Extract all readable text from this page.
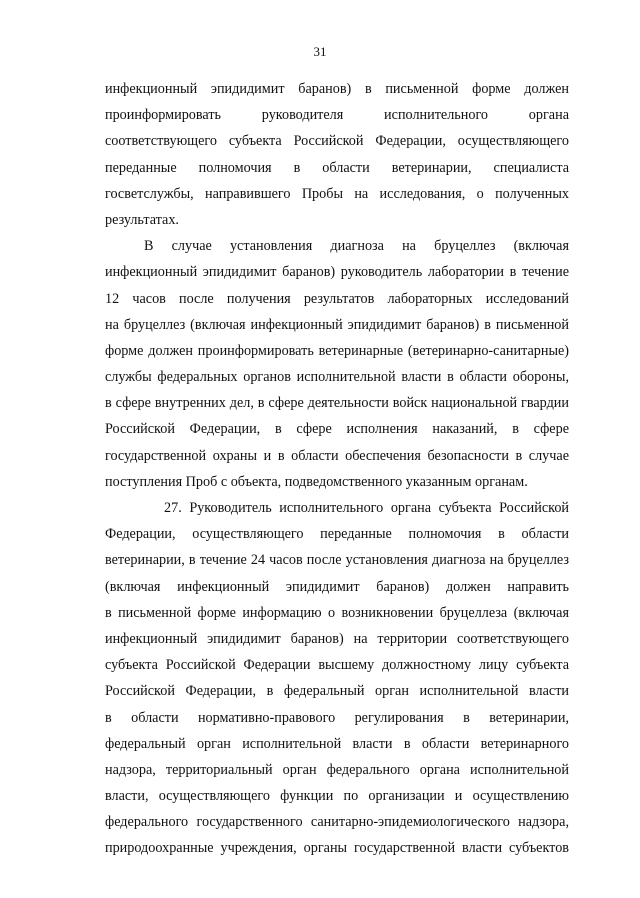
31
инфекционный эпидидимит баранов) в письменной форме должен
проинформировать руководителя исполнительного органа
соответствующего субъекта Российской Федерации, осуществляющего
переданные полномочия в области ветеринарии, специалиста
госветслужбы, направившего Пробы на исследования, о полученных
результатах.
В случае установления диагноза на бруцеллез (включая
инфекционный эпидидимит баранов) руководитель лаборатории в течение
12 часов после получения результатов лабораторных исследований
на бруцеллез (включая инфекционный эпидидимит баранов) в письменной
форме должен проинформировать ветеринарные (ветеринарно-санитарные)
службы федеральных органов исполнительной власти в области обороны,
в сфере внутренних дел, в сфере деятельности войск национальной гвардии
Российской Федерации, в сфере исполнения наказаний, в сфере
государственной охраны и в области обеспечения безопасности в случае
поступления Проб с объекта, подведомственного указанным органам.
27. Руководитель исполнительного органа субъекта Российской
Федерации, осуществляющего переданные полномочия в области
ветеринарии, в течение 24 часов после установления диагноза на бруцеллез
(включая инфекционный эпидидимит баранов) должен направить
в письменной форме информацию о возникновении бруцеллеза (включая
инфекционный эпидидимит баранов) на территории соответствующего
субъекта Российской Федерации высшему должностному лицу субъекта
Российской Федерации, в федеральный орган исполнительной власти
в области нормативно-правового регулирования в ветеринарии,
федеральный орган исполнительной власти в области ветеринарного
надзора, территориальный орган федерального органа исполнительной
власти, осуществляющего функции по организации и осуществлению
федерального государственного санитарно-эпидемиологического надзора,
природоохранные учреждения, органы государственной власти субъектов
